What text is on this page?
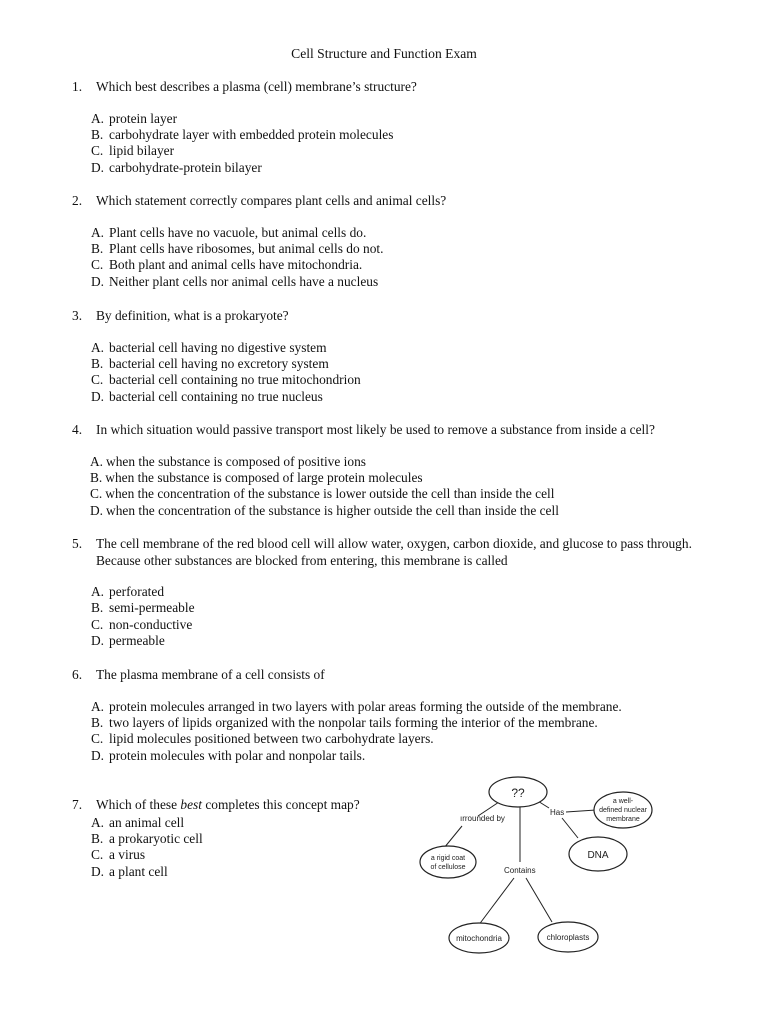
Cell Structure and Function Exam
1.	Which best describes a plasma (cell) membrane’s structure?
A. protein layer
B. carbohydrate layer with embedded protein molecules
C. lipid bilayer
D. carbohydrate-protein bilayer
2.	Which statement correctly compares plant cells and animal cells?
A. Plant cells have no vacuole, but animal cells do.
B. Plant cells have ribosomes, but animal cells do not.
C. Both plant and animal cells have mitochondria.
D. Neither plant cells nor animal cells have a nucleus
3.	By definition, what is a prokaryote?
A. bacterial cell having no digestive system
B. bacterial cell having no excretory system
C. bacterial cell containing no true mitochondrion
D. bacterial cell containing no true nucleus
4.	In which situation would passive transport most likely be used to remove a substance from inside a cell?
A. when the substance is composed of positive ions
B. when the substance is composed of large protein molecules
C. when the concentration of the substance is lower outside the cell than inside the cell
D. when the concentration of the substance is higher outside the cell than inside the cell
5.	The cell membrane of the red blood cell will allow water, oxygen, carbon dioxide, and glucose to pass through.
Because other substances are blocked from entering, this membrane is called
A. perforated
B. semi-permeable
C. non-conductive
D. permeable
6.	The plasma membrane of a cell consists of
A. protein molecules arranged in two layers with polar areas forming the outside of the membrane.
B. two layers of lipids organized with the nonpolar tails forming the interior of the membrane.
C. lipid molecules positioned between two carbohydrate layers.
D. protein molecules with polar and nonpolar tails.
7.	Which of these best completes this concept map?
A. an animal cell
B. a prokaryotic cell
C. a virus
D. a plant cell
??
ırrounded by
Has
Contains
a well-
defined nuclear
membrane
DNA
a rigid coat
of cellulose
mitochondria	chloroplasts
